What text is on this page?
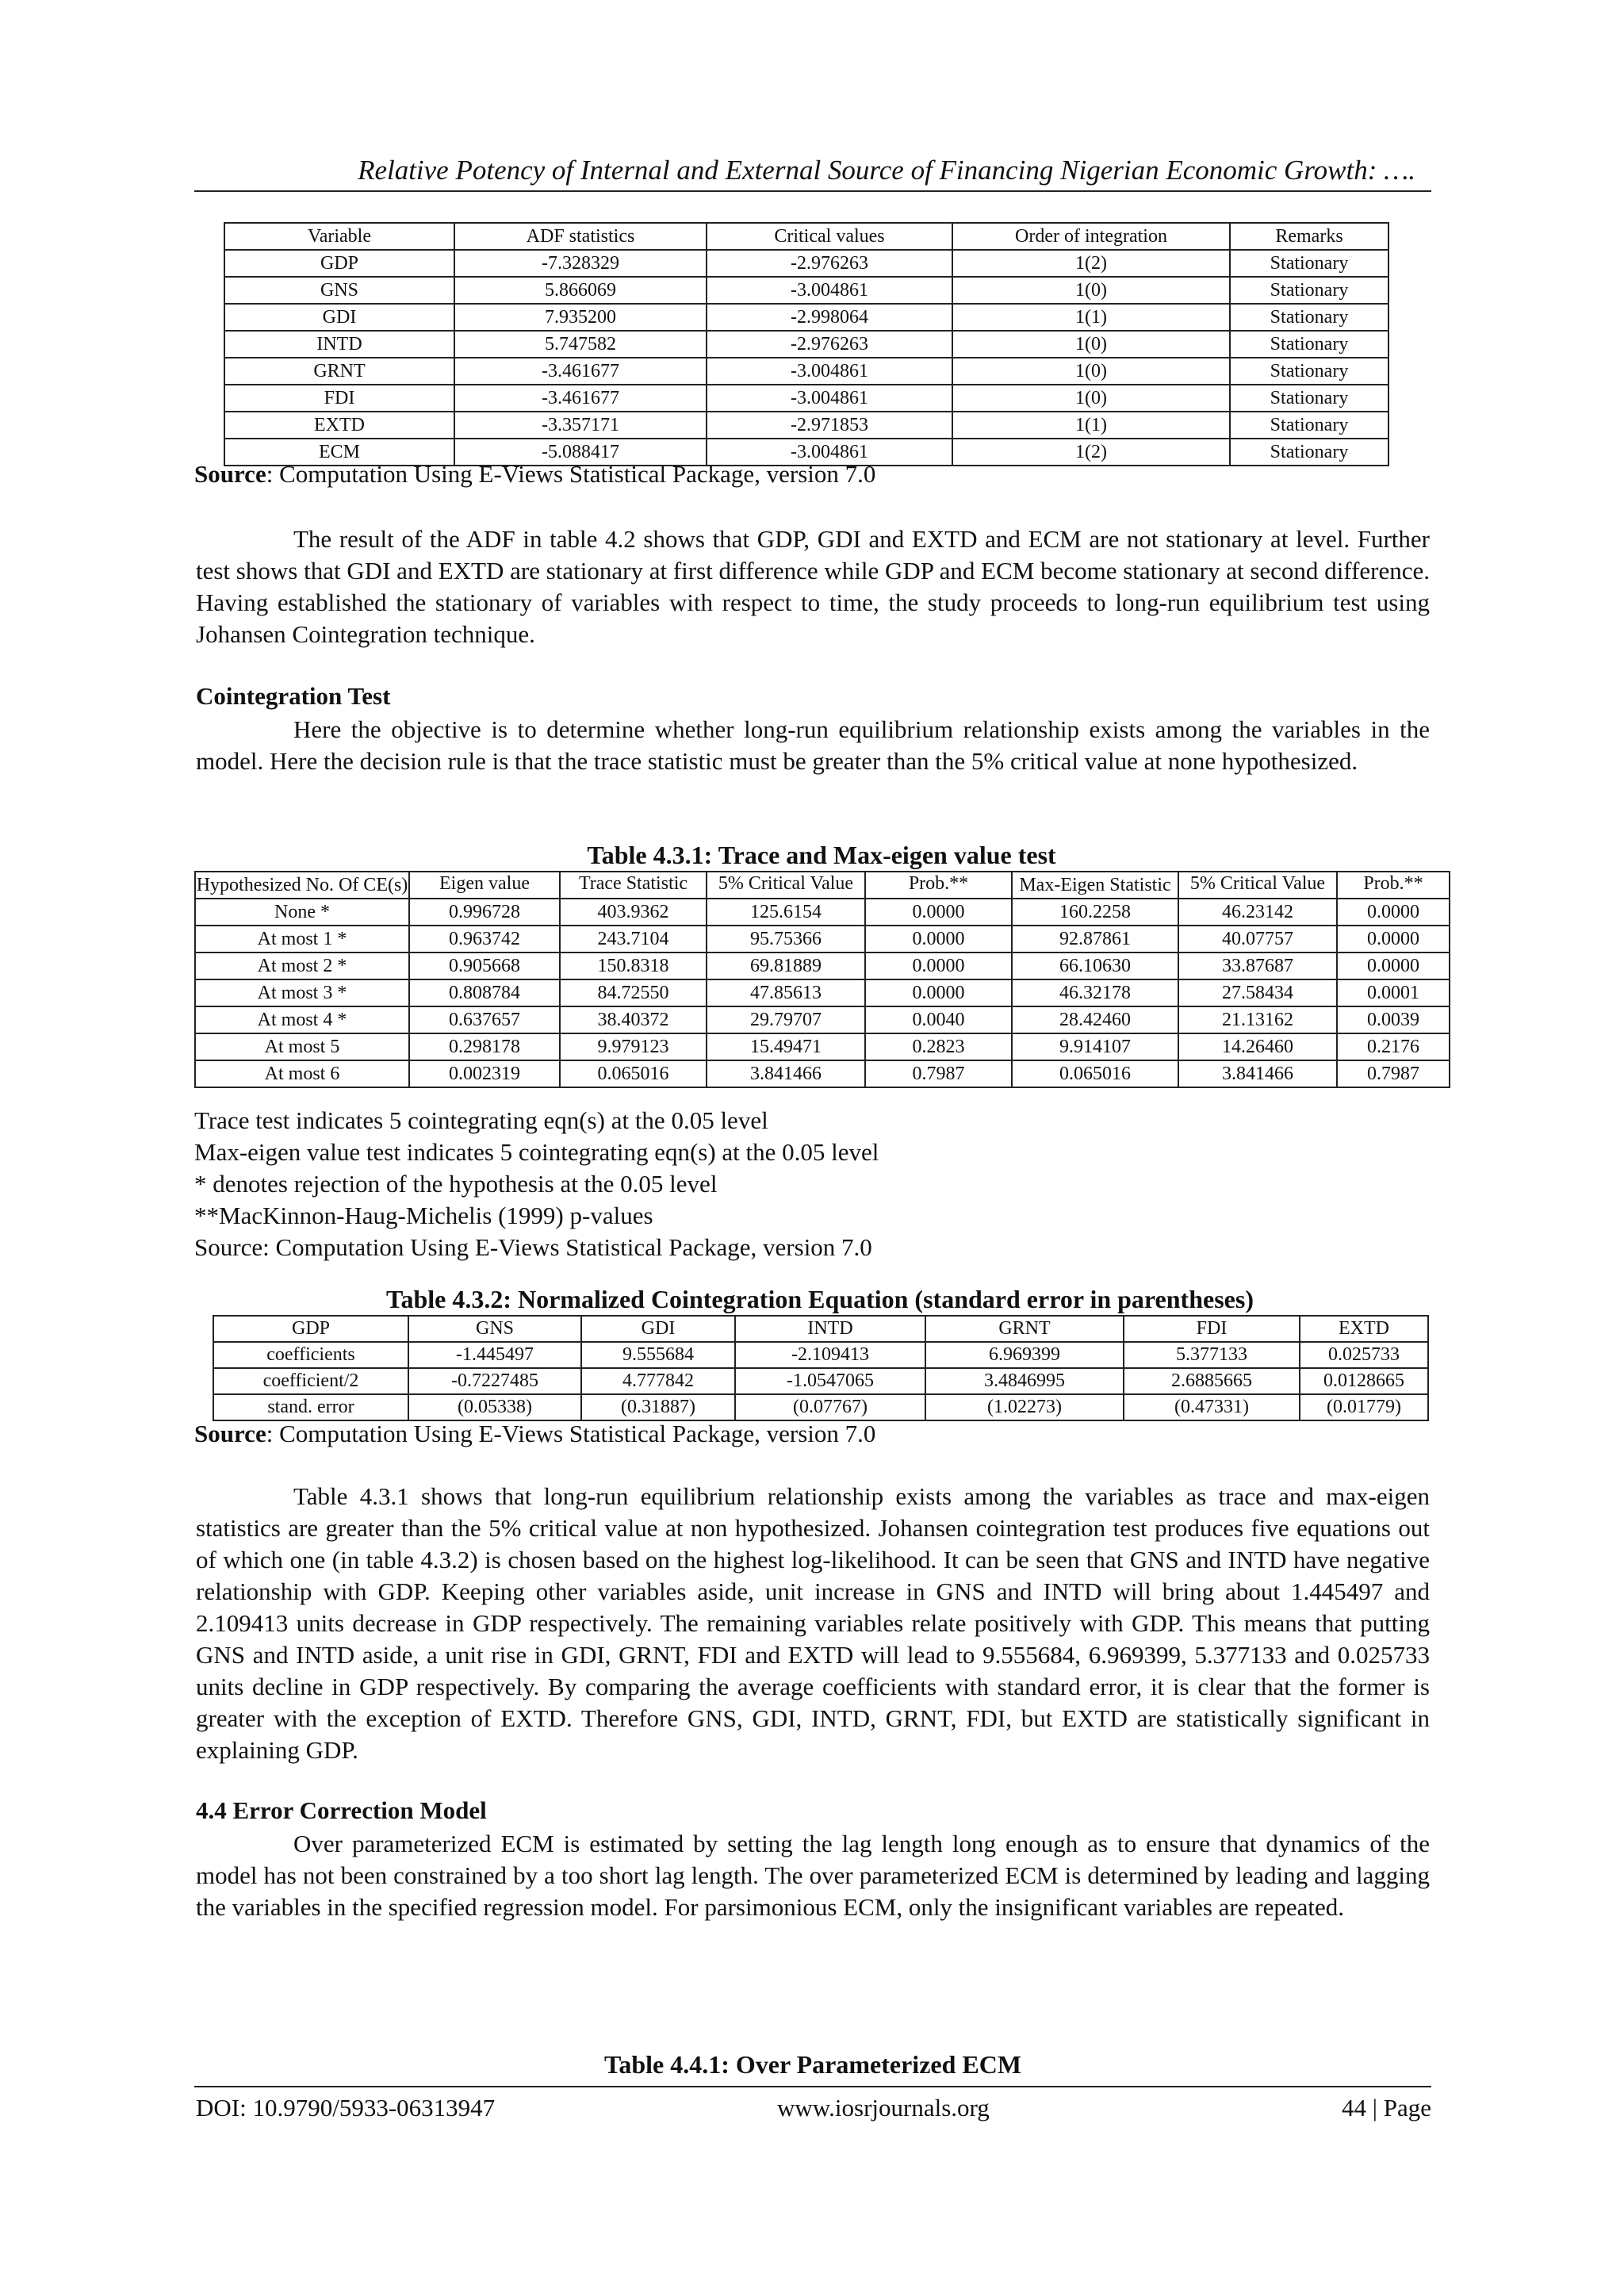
Relative Potency of Internal and External Source of Financing Nigerian Economic Growth: ….
Variable	ADF statistics	Critical values	Order of integration	Remarks
GDP	-7.328329	-2.976263	1(2)	Stationary
GNS	5.866069	-3.004861	1(0)	Stationary
GDI	7.935200	-2.998064	1(1)	Stationary
INTD	5.747582	-2.976263	1(0)	Stationary
GRNT	-3.461677	-3.004861	1(0)	Stationary
FDI	-3.461677	-3.004861	1(0)	Stationary
EXTD	-3.357171	-2.971853	1(1)	Stationary
ECM	-5.088417	-3.004861	1(2)	Stationary
Source: Computation Using E-Views Statistical Package, version 7.0
The result of the ADF in table 4.2 shows that GDP, GDI and EXTD and ECM are not stationary at level. Further test shows that GDI and EXTD are stationary at first difference while GDP and ECM become stationary at second difference. Having established the stationary of variables with respect to time, the study proceeds to long-run equilibrium test using Johansen Cointegration technique.
Cointegration Test
Here the objective is to determine whether long-run equilibrium relationship exists among the variables in the model. Here the decision rule is that the trace statistic must be greater than the 5% critical value at none hypothesized.
Table 4.3.1: Trace and Max-eigen value test
Hypothesized No. Of CE(s)	Eigen value	Trace Statistic	5% Critical Value	Prob.**	Max-Eigen Statistic	5% Critical Value	Prob.**
None *	0.996728	403.9362	125.6154	0.0000	160.2258	46.23142	0.0000
At most 1 *	0.963742	243.7104	95.75366	0.0000	92.87861	40.07757	0.0000
At most 2 *	0.905668	150.8318	69.81889	0.0000	66.10630	33.87687	0.0000
At most 3 *	0.808784	84.72550	47.85613	0.0000	46.32178	27.58434	0.0001
At most 4 *	0.637657	38.40372	29.79707	0.0040	28.42460	21.13162	0.0039
At most 5	0.298178	9.979123	15.49471	0.2823	9.914107	14.26460	0.2176
At most 6	0.002319	0.065016	3.841466	0.7987	0.065016	3.841466	0.7987
Trace test indicates 5 cointegrating eqn(s) at the 0.05 level
Max-eigen value test indicates 5 cointegrating eqn(s) at the 0.05 level
* denotes rejection of the hypothesis at the 0.05 level
**MacKinnon-Haug-Michelis (1999) p-values
Source: Computation Using E-Views Statistical Package, version 7.0
Table 4.3.2: Normalized Cointegration Equation (standard error in parentheses)
GDP	GNS	GDI	INTD	GRNT	FDI	EXTD
coefficients	-1.445497	9.555684	-2.109413	6.969399	5.377133	0.025733
coefficient/2	-0.7227485	4.777842	-1.0547065	3.4846995	2.6885665	0.0128665
stand. error	(0.05338)	(0.31887)	(0.07767)	(1.02273)	(0.47331)	(0.01779)
Source: Computation Using E-Views Statistical Package, version 7.0
Table 4.3.1 shows that long-run equilibrium relationship exists among the variables as trace and max-eigen statistics are greater than the 5% critical value at non hypothesized. Johansen cointegration test produces five equations out of which one (in table 4.3.2) is chosen based on the highest log-likelihood. It can be seen that GNS and INTD have negative relationship with GDP. Keeping other variables aside, unit increase in GNS and INTD will bring about 1.445497 and 2.109413 units decrease in GDP respectively. The remaining variables relate positively with GDP. This means that putting GNS and INTD aside, a unit rise in GDI, GRNT, FDI and EXTD will lead to 9.555684, 6.969399, 5.377133 and 0.025733 units decline in GDP respectively. By comparing the average coefficients with standard error, it is clear that the former is greater with the exception of EXTD. Therefore GNS, GDI, INTD, GRNT, FDI, but EXTD are statistically significant in explaining GDP.
4.4 Error Correction Model
Over parameterized ECM is estimated by setting the lag length long enough as to ensure that dynamics of the model has not been constrained by a too short lag length. The over parameterized ECM is determined by leading and lagging the variables in the specified regression model. For parsimonious ECM, only the insignificant variables are repeated.
Table 4.4.1: Over Parameterized ECM
DOI: 10.9790/5933-06313947	www.iosrjournals.org	44 | Page
